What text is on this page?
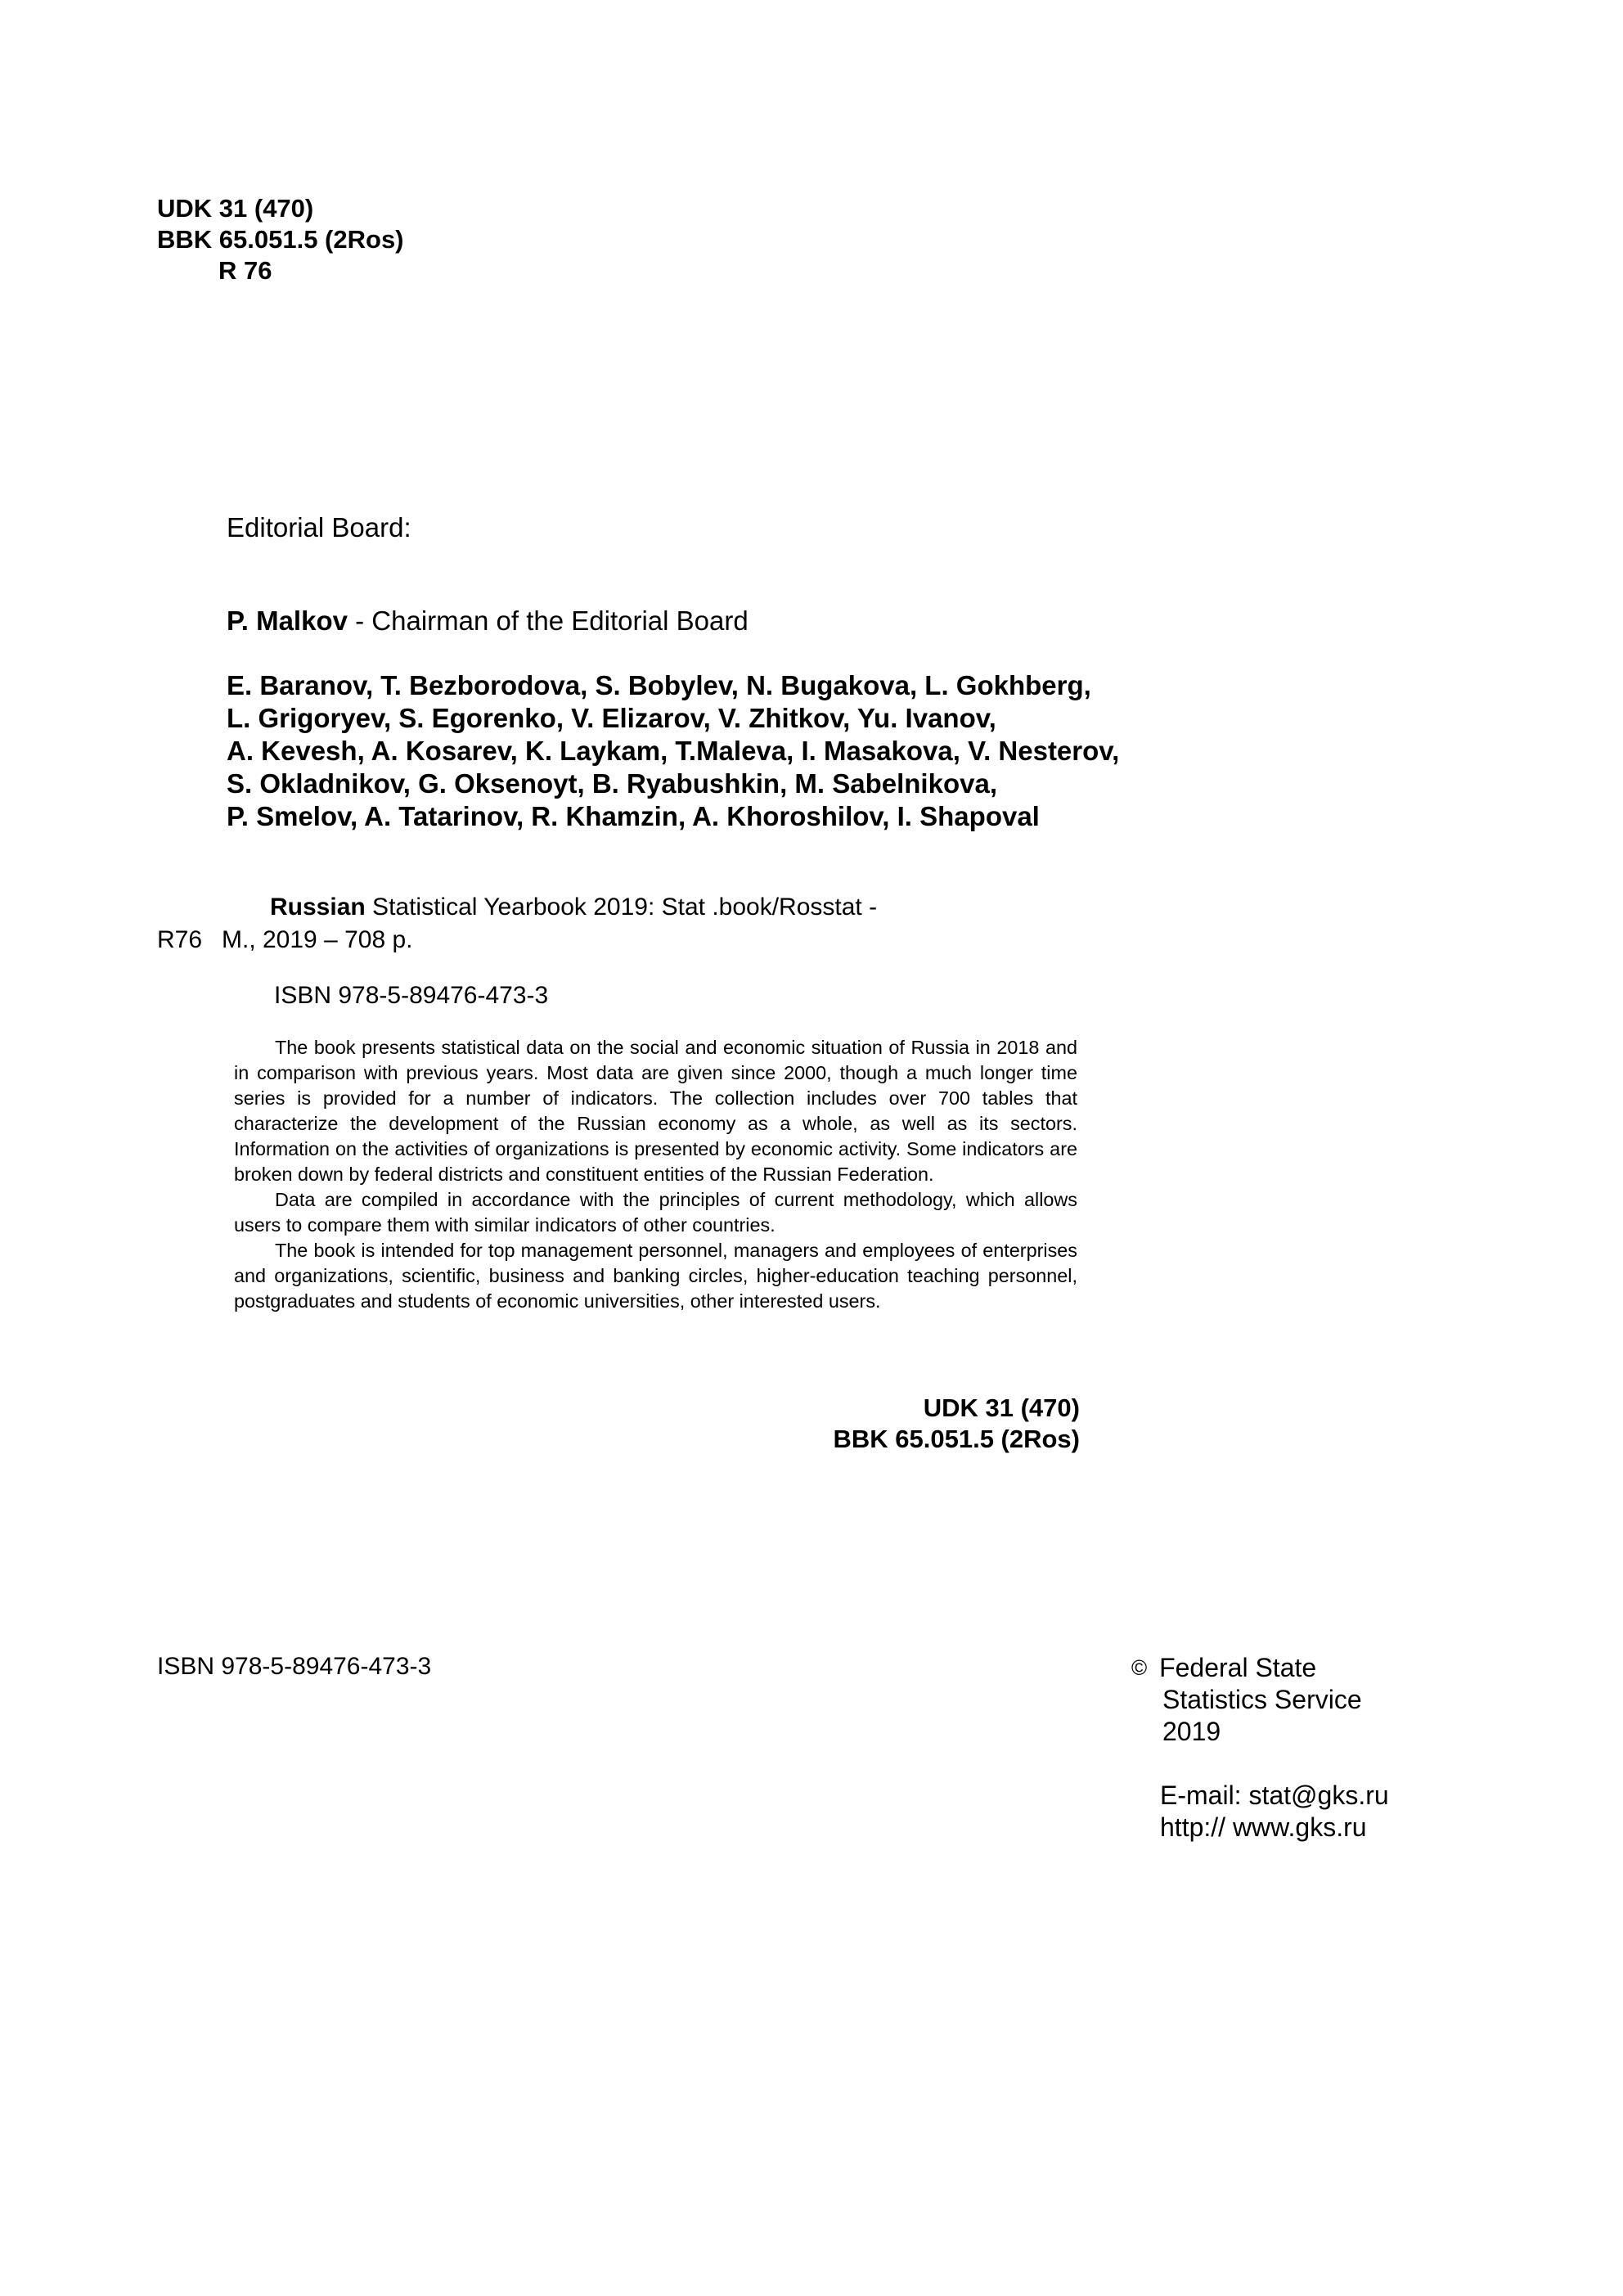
UDK 31 (470)
BBK 65.051.5 (2Ros)
R 76
Editorial Board:
P. Malkov - Chairman of the Editorial Board
E. Baranov, T. Bezborodova, S. Bobylev, N. Bugakova, L. Gokhberg,
L. Grigoryev, S. Egorenko, V. Elizarov, V. Zhitkov, Yu. Ivanov,
A. Kevesh, A. Kosarev, K. Laykam, T.Maleva, I. Masakova, V. Nesterov,
S. Okladnikov, G. Oksenoyt, B. Ryabushkin, M. Sabelnikova,
P. Smelov, A. Tatarinov, R. Khamzin, A. Khoroshilov, I. Shapoval
Russian Statistical Yearbook 2019: Stat .book/Rosstat -
R76 M., 2019 – 708 p.
ISBN 978-5-89476-473-3

The book presents statistical data on the social and economic situation of Russia in 2018 and in comparison with previous years. Most data are given since 2000, though a much longer time series is provided for a number of indicators. The collection includes over 700 tables that characterize the development of the Russian economy as a whole, as well as its sectors. Information on the activities of organizations is presented by economic activity. Some indicators are broken down by federal districts and constituent entities of the Russian Federation.

Data are compiled in accordance with the principles of current methodology, which allows users to compare them with similar indicators of other countries.

The book is intended for top management personnel, managers and employees of enterprises and organizations, scientific, business and banking circles, higher-education teaching personnel, postgraduates and students of economic universities, other interested users.

UDK 31 (470)
BBK 65.051.5 (2Ros)
ISBN 978-5-89476-473-3	© Federal State
Statistics Service
2019
E-mail: stat@gks.ru
http:// www.gks.ru
